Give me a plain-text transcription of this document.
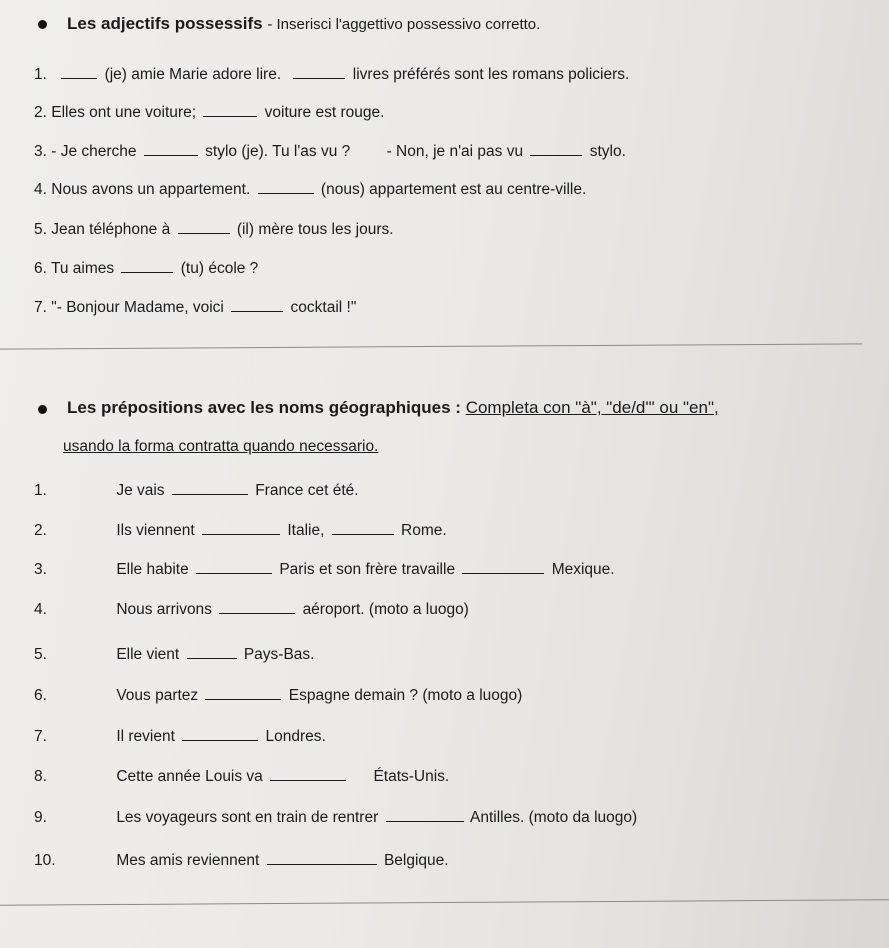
Les adjectifs possessifs - Inserisci l'aggettivo possessivo corretto.
1.	(je) amie Marie adore lire.	livres préférés sont les romans policiers.
2. Elles ont une voiture;	voiture est rouge.
3. - Je cherche	stylo (je). Tu l'as vu ? - Non, je n'ai pas vu	stylo.
4. Nous avons un appartement.	(nous) appartement est au centre-ville.
5. Jean téléphone à	(il) mère tous les jours.
6. Tu aimes	(tu) école ?
7. "- Bonjour Madame, voici	cocktail !"
Les prépositions avec les noms géographiques : Completa con "à", "de/d'" ou "en",
usando la forma contratta quando necessario.
1.	Je vais	France cet été.
2.	Ils viennent	Italie,	Rome.
3.	Elle habite	Paris et son frère travaille	Mexique.
4.	Nous arrivons	aéroport. (moto a luogo)
5.	Elle vient	Pays-Bas.
6.	Vous partez	Espagne demain ? (moto a luogo)
7.	Il revient	Londres.
8.	Cette année Louis va	États-Unis.
9.	Les voyageurs sont en train de rentrer	Antilles. (moto da luogo)
10.	Mes amis reviennent	Belgique.
